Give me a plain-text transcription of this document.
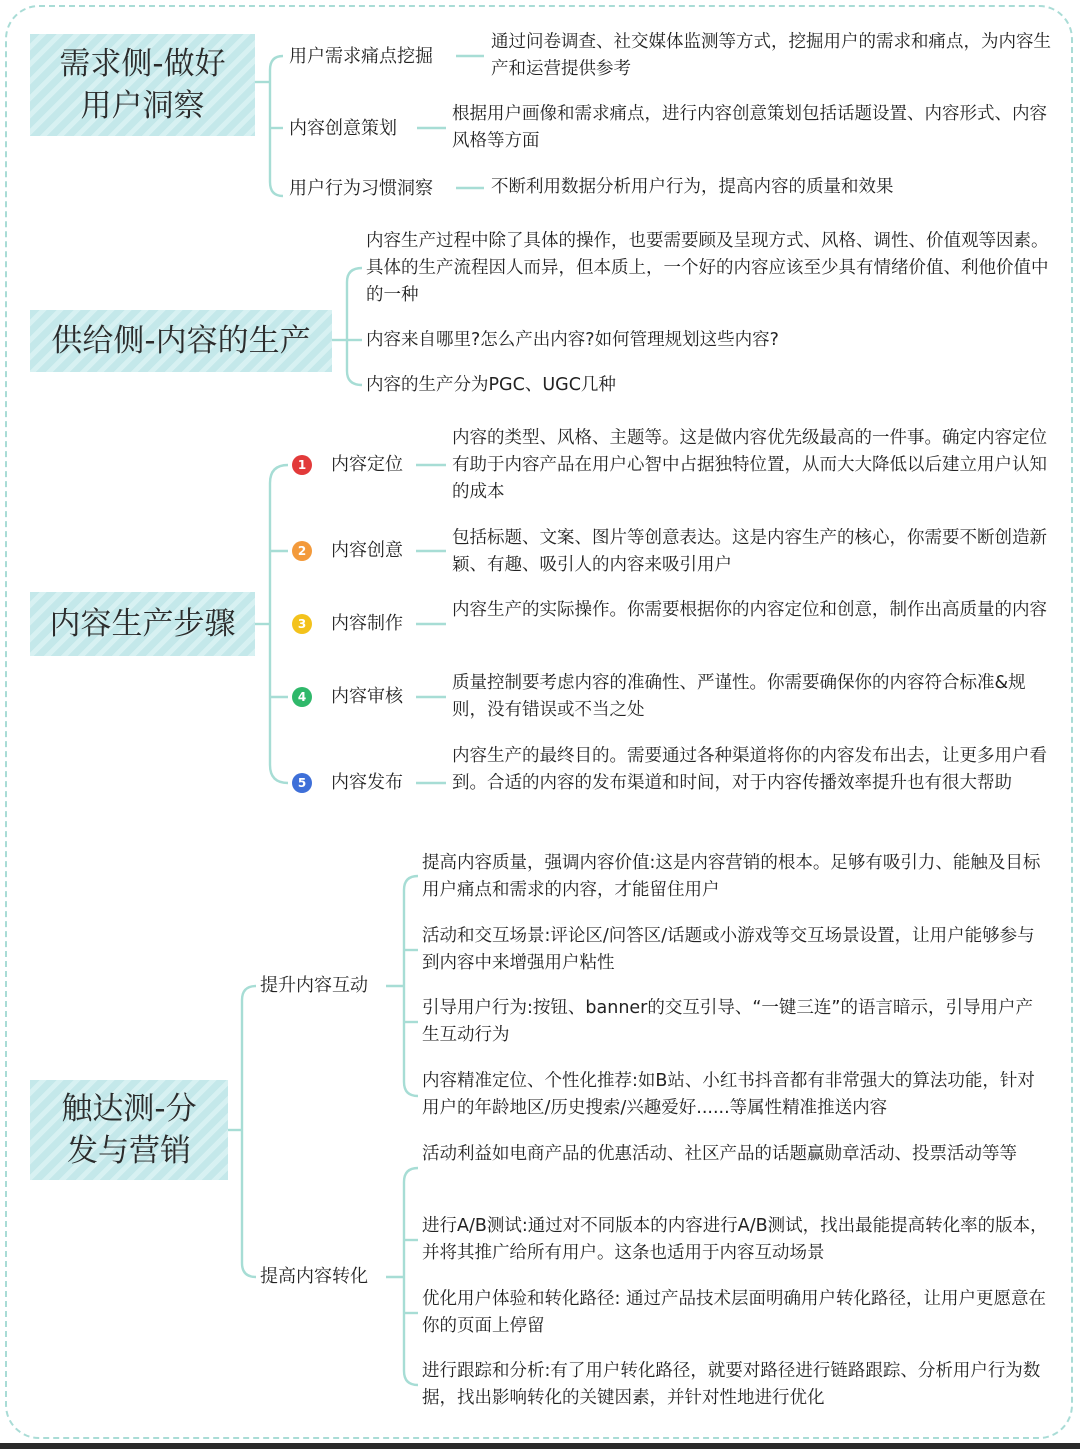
需求侧-做好用户洞察
用户需求痛点挖掘
通过问卷调查、社交媒体监测等方式，挖掘用户的需求和痛点，为内容生产和运营提供参考
内容创意策划
根据用户画像和需求痛点，进行内容创意策划包括话题设置、内容形式、内容风格等方面
用户行为习惯洞察	不断利用数据分析用户行为，提高内容的质量和效果
供给侧-内容的生产
内容生产过程中除了具体的操作，也要需要顾及呈现方式、风格、调性、价值观等因素。具体的生产流程因人而异，但本质上，一个好的内容应该至少具有情绪价值、利他价值中的一种
内容来自哪里?怎么产出内容?如何管理规划这些内容?
内容的生产分为PGC、UGC几种
内容生产步骤
1	内容定位
内容的类型、风格、主题等。这是做内容优先级最高的一件事。确定内容定位有助于内容产品在用户心智中占据独特位置，从而大大降低以后建立用户认知的成本
2	内容创意
包括标题、文案、图片等创意表达。这是内容生产的核心，你需要不断创造新颖、有趣、吸引人的内容来吸引用户
3	内容制作
内容生产的实际操作。你需要根据你的内容定位和创意，制作出高质量的内容
4	内容审核
质量控制要考虑内容的准确性、严谨性。你需要确保你的内容符合标准&规则，没有错误或不当之处
5	内容发布
内容生产的最终目的。需要通过各种渠道将你的内容发布出去，让更多用户看到。合适的内容的发布渠道和时间，对于内容传播效率提升也有很大帮助
触达测-分发与营销
提升内容互动
提高内容质量，强调内容价值:这是内容营销的根本。足够有吸引力、能触及目标用户痛点和需求的内容，才能留住用户
活动和交互场景:评论区/问答区/话题或小游戏等交互场景设置，让用户能够参与到内容中来增强用户粘性
引导用户行为:按钮、banner的交互引导、“一键三连”的语言暗示，引导用户产生互动行为
内容精准定位、个性化推荐:如B站、小红书抖音都有非常强大的算法功能，针对用户的年龄地区/历史搜索/兴趣爱好......等属性精准推送内容
提高内容转化
活动利益如电商产品的优惠活动、社区产品的话题赢勋章活动、投票活动等等
进行A/B测试:通过对不同版本的内容进行A/B测试，找出最能提高转化率的版本，并将其推广给所有用户。这条也适用于内容互动场景
优化用户体验和转化路径: 通过产品技术层面明确用户转化路径，让用户更愿意在你的页面上停留
进行跟踪和分析:有了用户转化路径，就要对路径进行链路跟踪、分析用户行为数据，找出影响转化的关键因素，并针对性地进行优化
